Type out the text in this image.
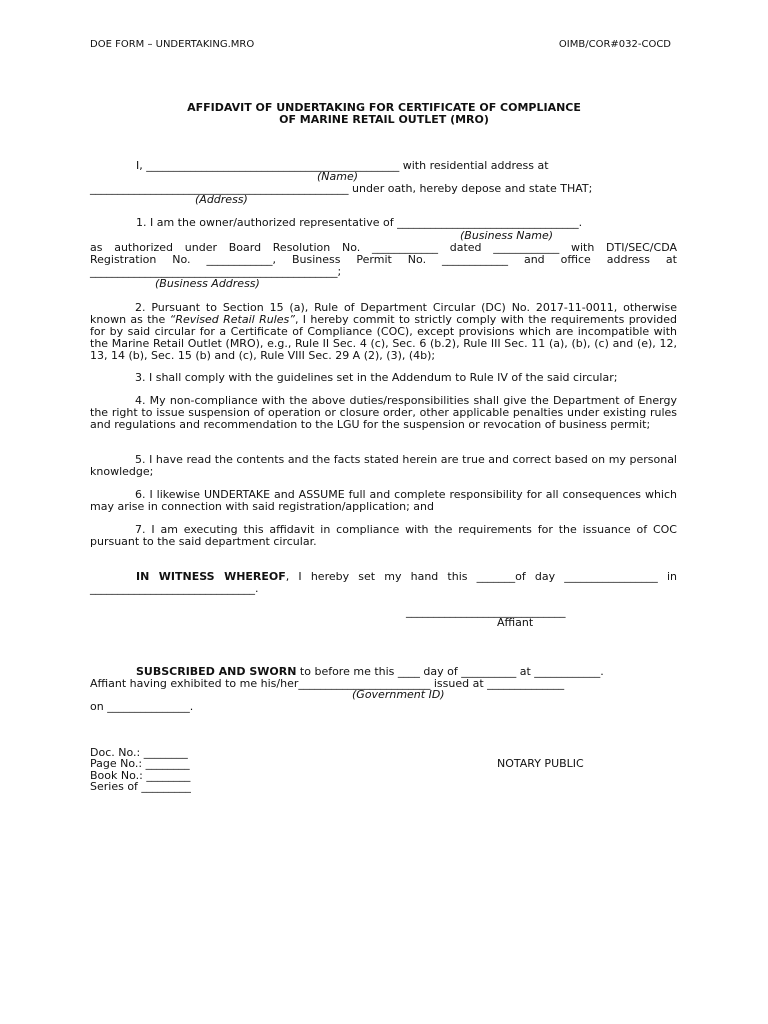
DOE FORM – UNDERTAKING.MRO	OIMB/COR#032-COCD
AFFIDAVIT OF UNDERTAKING FOR CERTIFICATE OF COMPLIANCE
OF MARINE RETAIL OUTLET (MRO)
I, ______________________________________________ with residential address at
(Name)
_______________________________________________ under oath, hereby depose and state THAT;
(Address)
1. I am the owner/authorized representative of _________________________________.
(Business Name)
as authorized under Board Resolution No. ____________ dated ____________ with DTI/SEC/CDA
Registration No. ____________, Business Permit No. ____________ and office address at
_____________________________________________;
(Business Address)
2. Pursuant to Section 15 (a), Rule of Department Circular (DC) No. 2017-11-0011, otherwise known as the “Revised Retail Rules”, I hereby commit to strictly comply with the requirements provided for by said circular for a Certificate of Compliance (COC), except provisions which are incompatible with the Marine Retail Outlet (MRO), e.g., Rule II Sec. 4 (c), Sec. 6 (b.2), Rule III Sec. 11 (a), (b), (c) and (e), 12, 13, 14 (b), Sec. 15 (b) and (c), Rule VIII Sec. 29 A (2), (3), (4b);
3. I shall comply with the guidelines set in the Addendum to Rule IV of the said circular;
4. My non-compliance with the above duties/responsibilities shall give the Department of Energy the right to issue suspension of operation or closure order, other applicable penalties under existing rules and regulations and recommendation to the LGU for the suspension or revocation of business permit;
5. I have read the contents and the facts stated herein are true and correct based on my personal knowledge;
6. I likewise UNDERTAKE and ASSUME full and complete responsibility for all consequences which may arise in connection with said registration/application; and
7. I am executing this affidavit in compliance with the requirements for the issuance of COC pursuant to the said department circular.
IN WITNESS WHEREOF, I hereby set my hand this _______of day _________________ in
______________________________.
_____________________________
Affiant
SUBSCRIBED AND SWORN to before me this ____ day of __________ at ____________.
Affiant having exhibited to me his/her________________________ issued at ______________
(Government ID)
on _______________.
Doc. No.: ________
Page No.: ________
Book No.: ________
Series of _________
NOTARY PUBLIC
